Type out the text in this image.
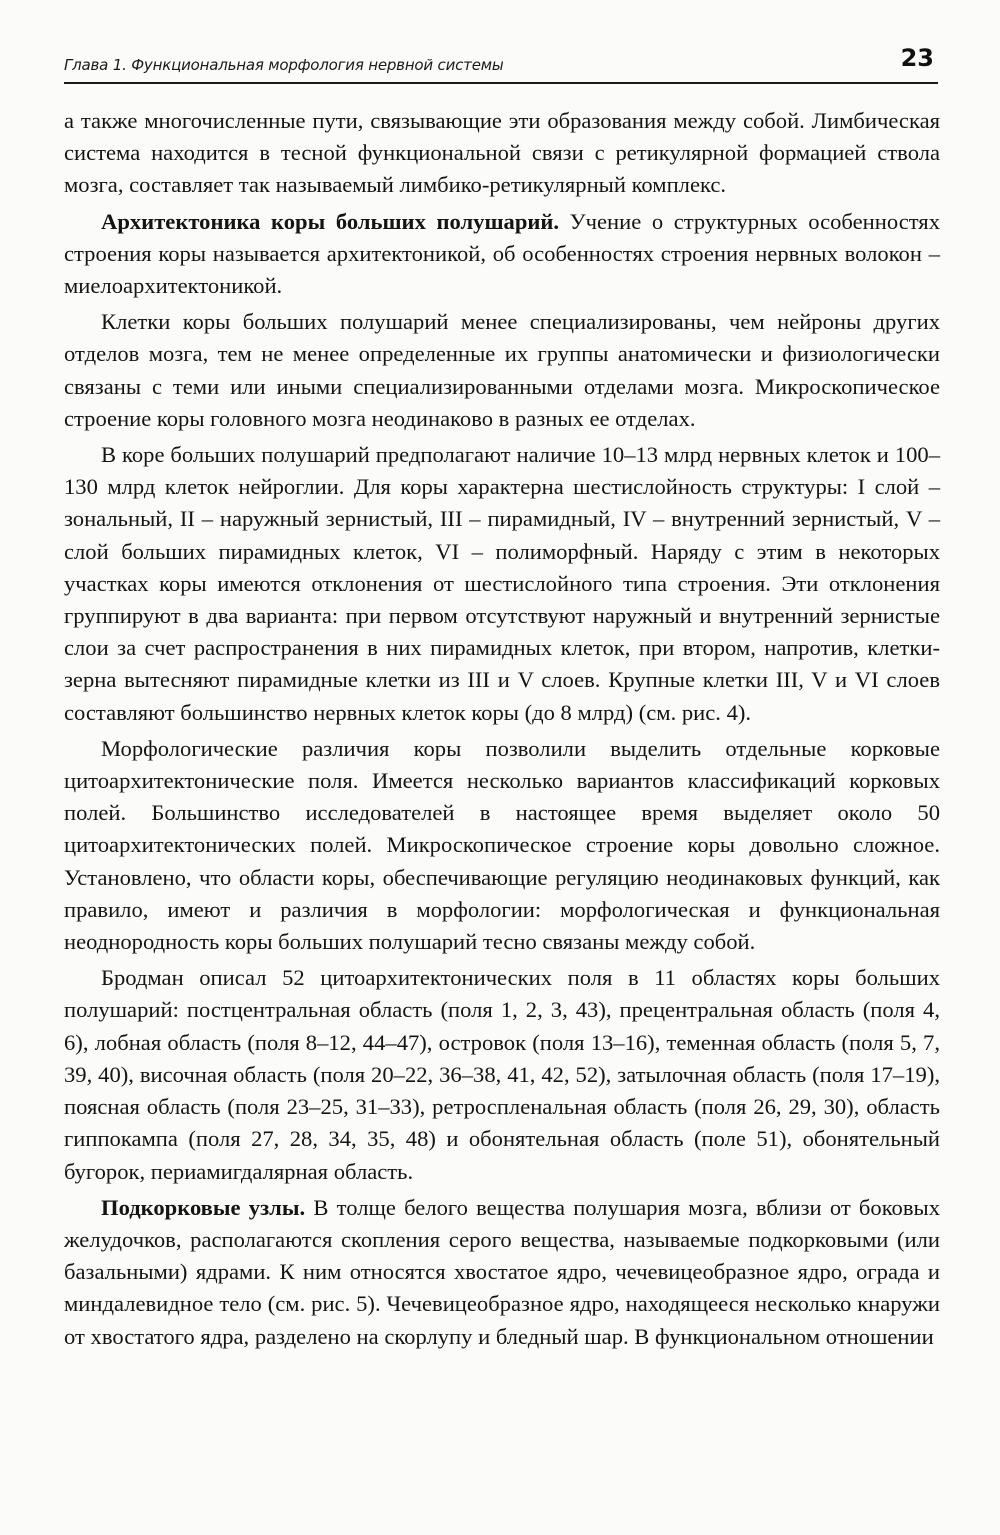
Глава 1. Функциональная морфология нервной системы	23

а также многочисленные пути, связывающие эти образования между собой. Лимбическая система находится в тесной функциональной связи с ретикулярной формацией ствола мозга, составляет так называемый лимбико-ретикулярный комплекс.

Архитектоника коры больших полушарий. Учение о структурных особенностях строения коры называется архитектоникой, об особенностях строения нервных волокон – миелоархитектоникой.

Клетки коры больших полушарий менее специализированы, чем нейроны других отделов мозга, тем не менее определенные их группы анатомически и физиологически связаны с теми или иными специализированными отделами мозга. Микроскопическое строение коры головного мозга неодинаково в разных ее отделах.

В коре больших полушарий предполагают наличие 10–13 млрд нервных клеток и 100–130 млрд клеток нейроглии. Для коры характерна шестислойность структуры: I слой – зональный, II – наружный зернистый, III – пирамидный, IV – внутренний зернистый, V – слой больших пирамидных клеток, VI – полиморфный. Наряду с этим в некоторых участках коры имеются отклонения от шестислойного типа строения. Эти отклонения группируют в два варианта: при первом отсутствуют наружный и внутренний зернистые слои за счет распространения в них пирамидных клеток, при втором, напротив, клетки-зерна вытесняют пирамидные клетки из III и V слоев. Крупные клетки III, V и VI слоев составляют большинство нервных клеток коры (до 8 млрд) (см. рис. 4).

Морфологические различия коры позволили выделить отдельные корковые цитоархитектонические поля. Имеется несколько вариантов классификаций корковых полей. Большинство исследователей в настоящее время выделяет около 50 цитоархитектонических полей. Микроскопическое строение коры довольно сложное. Установлено, что области коры, обеспечивающие регуляцию неодинаковых функций, как правило, имеют и различия в морфологии: морфологическая и функциональная неоднородность коры больших полушарий тесно связаны между собой.

Бродман описал 52 цитоархитектонических поля в 11 областях коры больших полушарий: постцентральная область (поля 1, 2, 3, 43), прецентральная область (поля 4, 6), лобная область (поля 8–12, 44–47), островок (поля 13–16), теменная область (поля 5, 7, 39, 40), височная область (поля 20–22, 36–38, 41, 42, 52), затылочная область (поля 17–19), поясная область (поля 23–25, 31–33), ретроспленальная область (поля 26, 29, 30), область гиппокампа (поля 27, 28, 34, 35, 48) и обонятельная область (поле 51), обонятельный бугорок, периамигдалярная область.

Подкорковые узлы. В толще белого вещества полушария мозга, вблизи от боковых желудочков, располагаются скопления серого вещества, называемые подкорковыми (или базальными) ядрами. К ним относятся хвостатое ядро, чечевицеобразное ядро, ограда и миндалевидное тело (см. рис. 5). Чечевицеобразное ядро, находящееся несколько кнаружи от хвостатого ядра, разделено на скорлупу и бледный шар. В функциональном отношении
